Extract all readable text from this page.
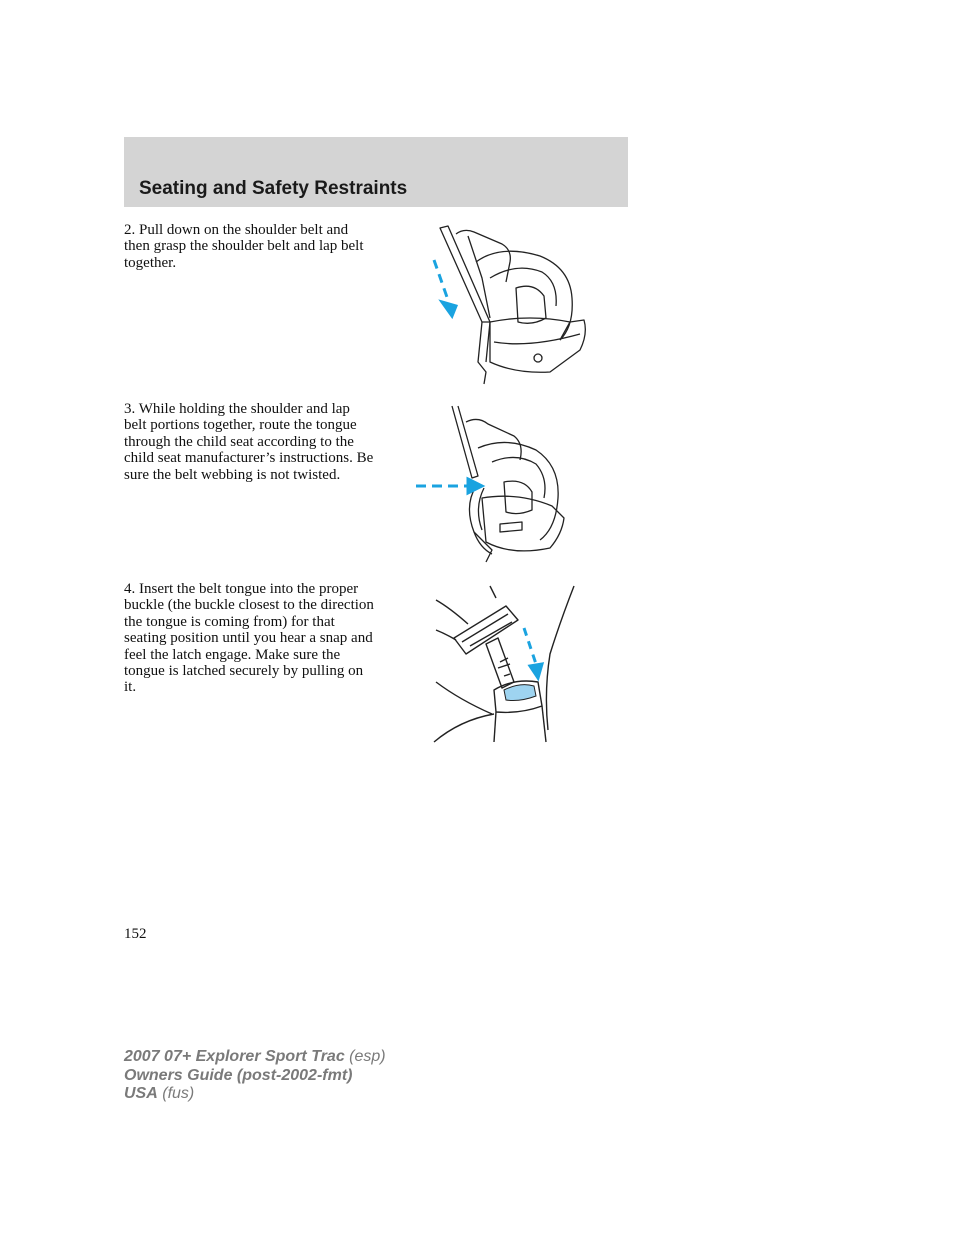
Seating and Safety Restraints

2. Pull down on the shoulder belt and then grasp the shoulder belt and lap belt together.

3. While holding the shoulder and lap belt portions together, route the tongue through the child seat according to the child seat manufacturer’s instructions. Be sure the belt webbing is not twisted.

4. Insert the belt tongue into the proper buckle (the buckle closest to the direction the tongue is coming from) for that seating position until you hear a snap and feel the latch engage. Make sure the tongue is latched securely by pulling on it.

152
2007 07+ Explorer Sport Trac (esp)
Owners Guide (post-2002-fmt)
USA (fus)
